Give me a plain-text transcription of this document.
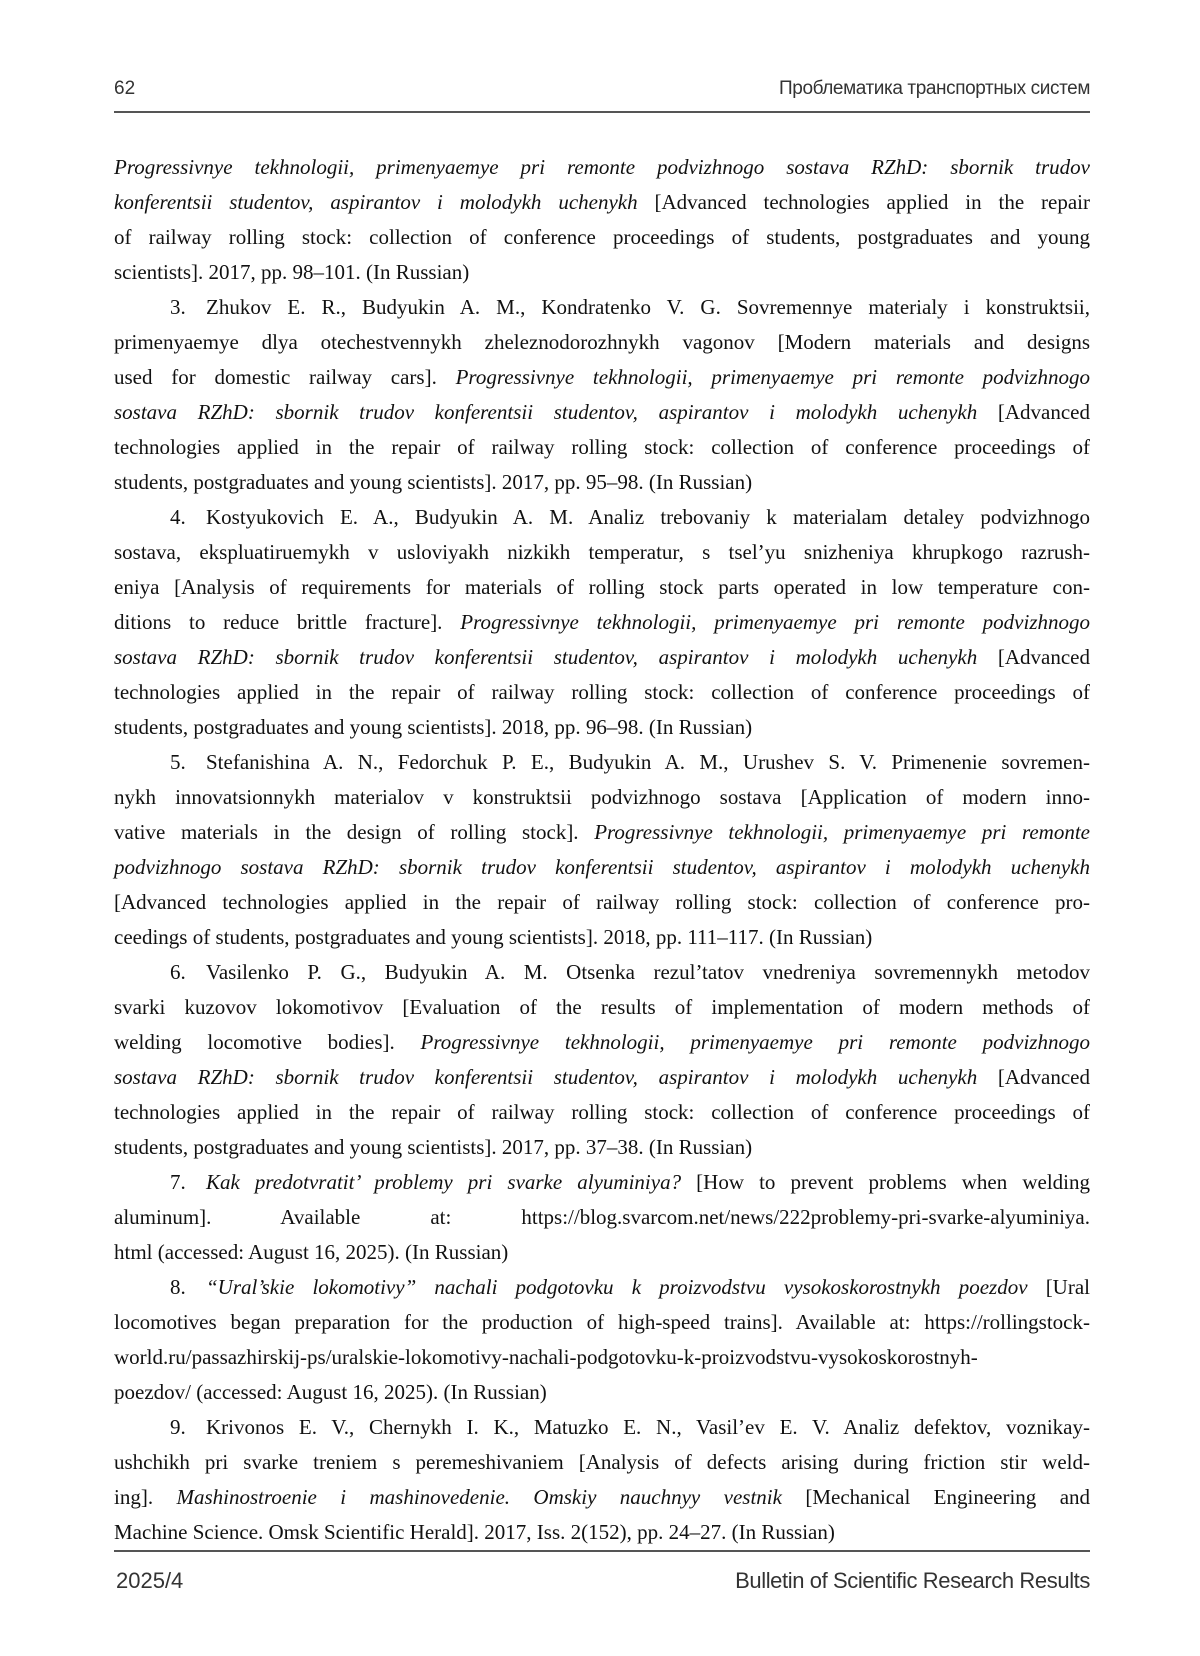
62	Проблематика транспортных систем
Progressivnye tekhnologii, primenyaemye pri remonte podvizhnogo sostava RZhD: sbornik trudov
konferentsii studentov, aspirantov i molodykh uchenykh [Advanced technologies applied in the repair
of railway rolling stock: collection of conference proceedings of students, postgraduates and young
scientists]. 2017, pp. 98–101. (In Russian)
3. Zhukov E. R., Budyukin A. M., Kondratenko V. G. Sovremennye materialy i konstruktsii,
primenyaemye dlya otechestvennykh zheleznodorozhnykh vagonov [Modern materials and designs
used for domestic railway cars]. Progressivnye tekhnologii, primenyaemye pri remonte podvizhnogo
sostava RZhD: sbornik trudov konferentsii studentov, aspirantov i molodykh uchenykh [Advanced
technologies applied in the repair of railway rolling stock: collection of conference proceedings of
students, postgraduates and young scientists]. 2017, pp. 95–98. (In Russian)
4. Kostyukovich E. A., Budyukin A. M. Analiz trebovaniy k materialam detaley podvizhnogo
sostava, ekspluatiruemykh v usloviyakh nizkikh temperatur, s tsel’yu snizheniya khrupkogo razrush-
eniya [Analysis of requirements for materials of rolling stock parts operated in low temperature con-
ditions to reduce brittle fracture]. Progressivnye tekhnologii, primenyaemye pri remonte podvizhnogo
sostava RZhD: sbornik trudov konferentsii studentov, aspirantov i molodykh uchenykh [Advanced
technologies applied in the repair of railway rolling stock: collection of conference proceedings of
students, postgraduates and young scientists]. 2018, pp. 96–98. (In Russian)
5. Stefanishina A. N., Fedorchuk P. E., Budyukin A. M., Urushev S. V. Primenenie sovremen-
nykh innovatsionnykh materialov v konstruktsii podvizhnogo sostava [Application of modern inno-
vative materials in the design of rolling stock]. Progressivnye tekhnologii, primenyaemye pri remonte
podvizhnogo sostava RZhD: sbornik trudov konferentsii studentov, aspirantov i molodykh uchenykh
[Advanced technologies applied in the repair of railway rolling stock: collection of conference pro-
ceedings of students, postgraduates and young scientists]. 2018, pp. 111–117. (In Russian)
6. Vasilenko P. G., Budyukin A. M. Otsenka rezul’tatov vnedreniya sovremennykh metodov
svarki kuzovov lokomotivov [Evaluation of the results of implementation of modern methods of
welding locomotive bodies]. Progressivnye tekhnologii, primenyaemye pri remonte podvizhnogo
sostava RZhD: sbornik trudov konferentsii studentov, aspirantov i molodykh uchenykh [Advanced
technologies applied in the repair of railway rolling stock: collection of conference proceedings of
students, postgraduates and young scientists]. 2017, pp. 37–38. (In Russian)
7. Kak predotvratit’ problemy pri svarke alyuminiya? [How to prevent problems when welding
aluminum]. Available at: https://blog.svarcom.net/news/222problemy-pri-svarke-alyuminiya.
html (accessed: August 16, 2025). (In Russian)
8. “Ural’skie lokomotivy” nachali podgotovku k proizvodstvu vysokoskorostnykh poezdov [Ural
locomotives began preparation for the production of high-speed trains]. Available at: https://rollingstock-
world.ru/passazhirskij-ps/uralskie-lokomotivy-nachali-podgotovku-k-proizvodstvu-vysokoskorostnyh-
poezdov/ (accessed: August 16, 2025). (In Russian)
9. Krivonos E. V., Chernykh I. K., Matuzko E. N., Vasil’ev E. V. Analiz defektov, voznikay-
ushchikh pri svarke treniem s peremeshivaniem [Analysis of defects arising during friction stir weld-
ing]. Mashinostroenie i mashinovedenie. Omskiy nauchnyy vestnik [Mechanical Engineering and
Machine Science. Omsk Scientific Herald]. 2017, Iss. 2(152), pp. 24–27. (In Russian)
2025/4	Bulletin of Scientific Research Results
